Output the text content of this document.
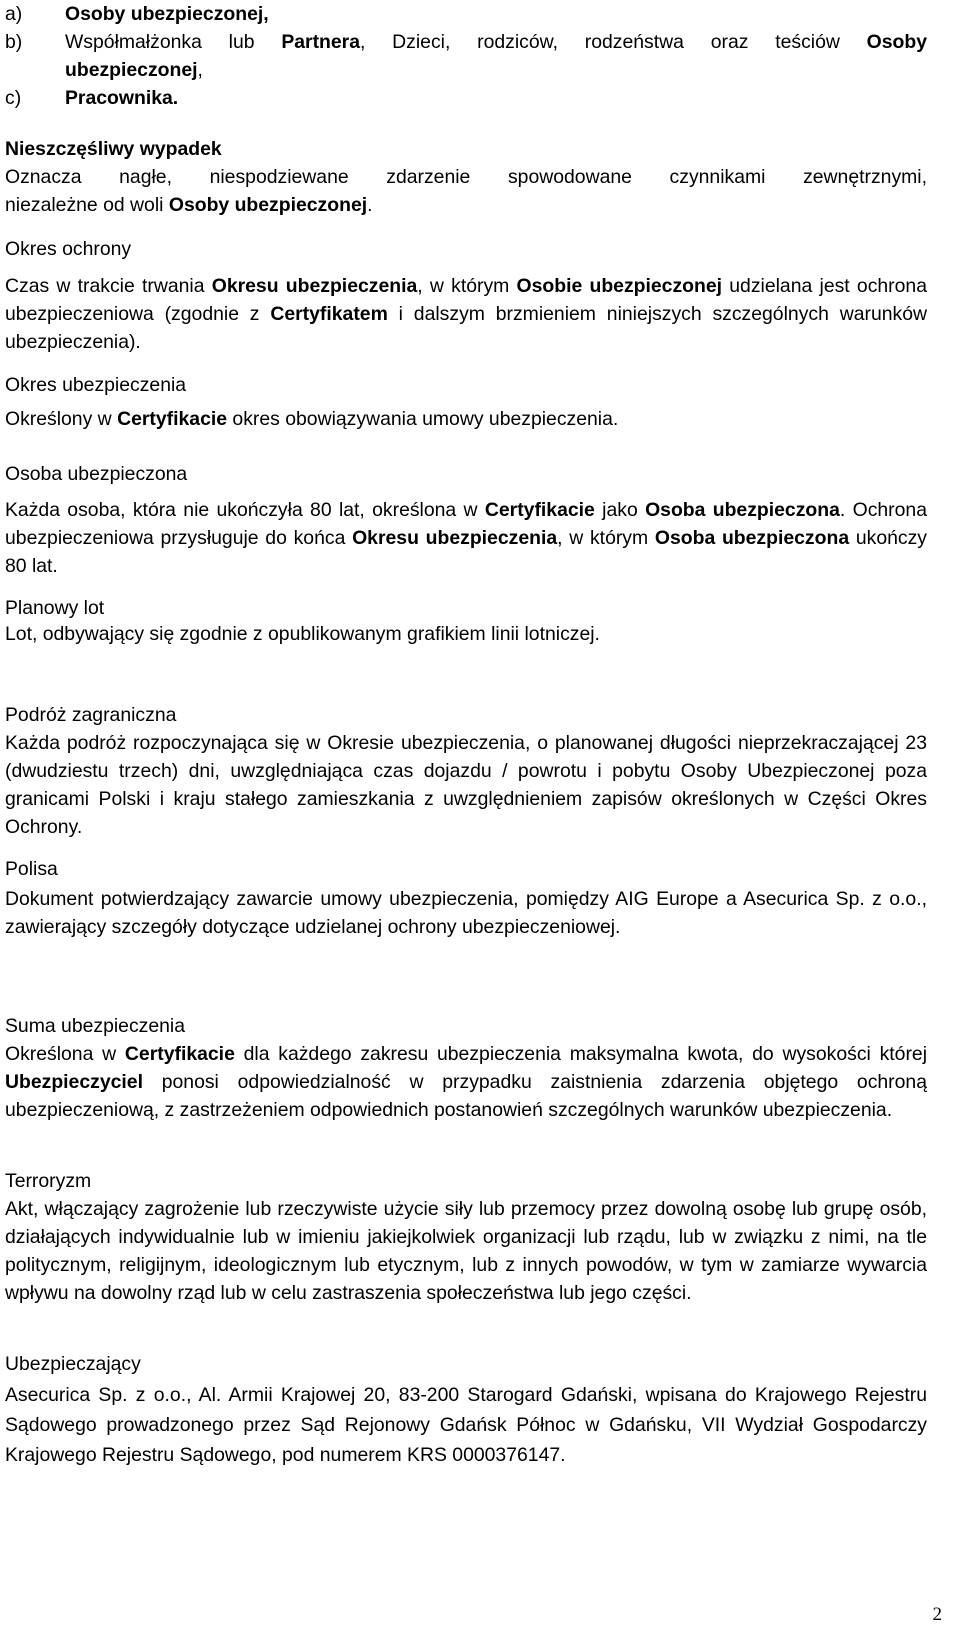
a) Osoby ubezpieczonej,
b) Współmałżonka lub Partnera, Dzieci, rodziców, rodzeństwa oraz teściów Osoby
ubezpieczonej,
c) Pracownika.
Nieszczęśliwy wypadek
Oznacza nagłe, niespodziewane zdarzenie spowodowane czynnikami zewnętrznymi,
niezależne od woli Osoby ubezpieczonej.
Okres ochrony
Czas w trakcie trwania Okresu ubezpieczenia, w którym Osobie ubezpieczonej udzielana jest ochrona ubezpieczeniowa (zgodnie z Certyfikatem i dalszym brzmieniem niniejszych szczególnych warunków ubezpieczenia).
Okres ubezpieczenia
Określony w Certyfikacie okres obowiązywania umowy ubezpieczenia.
Osoba ubezpieczona
Każda osoba, która nie ukończyła 80 lat, określona w Certyfikacie jako Osoba ubezpieczona. Ochrona ubezpieczeniowa przysługuje do końca Okresu ubezpieczenia, w którym Osoba ubezpieczona ukończy 80 lat.
Planowy lot
Lot, odbywający się zgodnie z opublikowanym grafikiem linii lotniczej.
Podróż zagraniczna
Każda podróż rozpoczynająca się w Okresie ubezpieczenia, o planowanej długości nieprzekraczającej 23 (dwudziestu trzech) dni, uwzględniająca czas dojazdu / powrotu i pobytu Osoby Ubezpieczonej poza granicami Polski i kraju stałego zamieszkania z uwzględnieniem zapisów określonych w Części Okres Ochrony.
Polisa
Dokument potwierdzający zawarcie umowy ubezpieczenia, pomiędzy AIG Europe a Asecurica Sp. z o.o., zawierający szczegóły dotyczące udzielanej ochrony ubezpieczeniowej.
Suma ubezpieczenia
Określona w Certyfikacie dla każdego zakresu ubezpieczenia maksymalna kwota, do wysokości której Ubezpieczyciel ponosi odpowiedzialność w przypadku zaistnienia zdarzenia objętego ochroną ubezpieczeniową, z zastrzeżeniem odpowiednich postanowień szczególnych warunków ubezpieczenia.
Terroryzm
Akt, włączający zagrożenie lub rzeczywiste użycie siły lub przemocy przez dowolną osobę lub grupę osób, działających indywidualnie lub w imieniu jakiejkolwiek organizacji lub rządu, lub w związku z nimi, na tle politycznym, religijnym, ideologicznym lub etycznym, lub z innych powodów, w tym w zamiarze wywarcia wpływu na dowolny rząd lub w celu zastraszenia społeczeństwa lub jego części.
Ubezpieczający
Asecurica Sp. z o.o., Al. Armii Krajowej 20, 83-200 Starogard Gdański, wpisana do Krajowego Rejestru Sądowego prowadzonego przez Sąd Rejonowy Gdańsk Północ w Gdańsku, VII Wydział Gospodarczy Krajowego Rejestru Sądowego, pod numerem KRS 0000376147.
2
